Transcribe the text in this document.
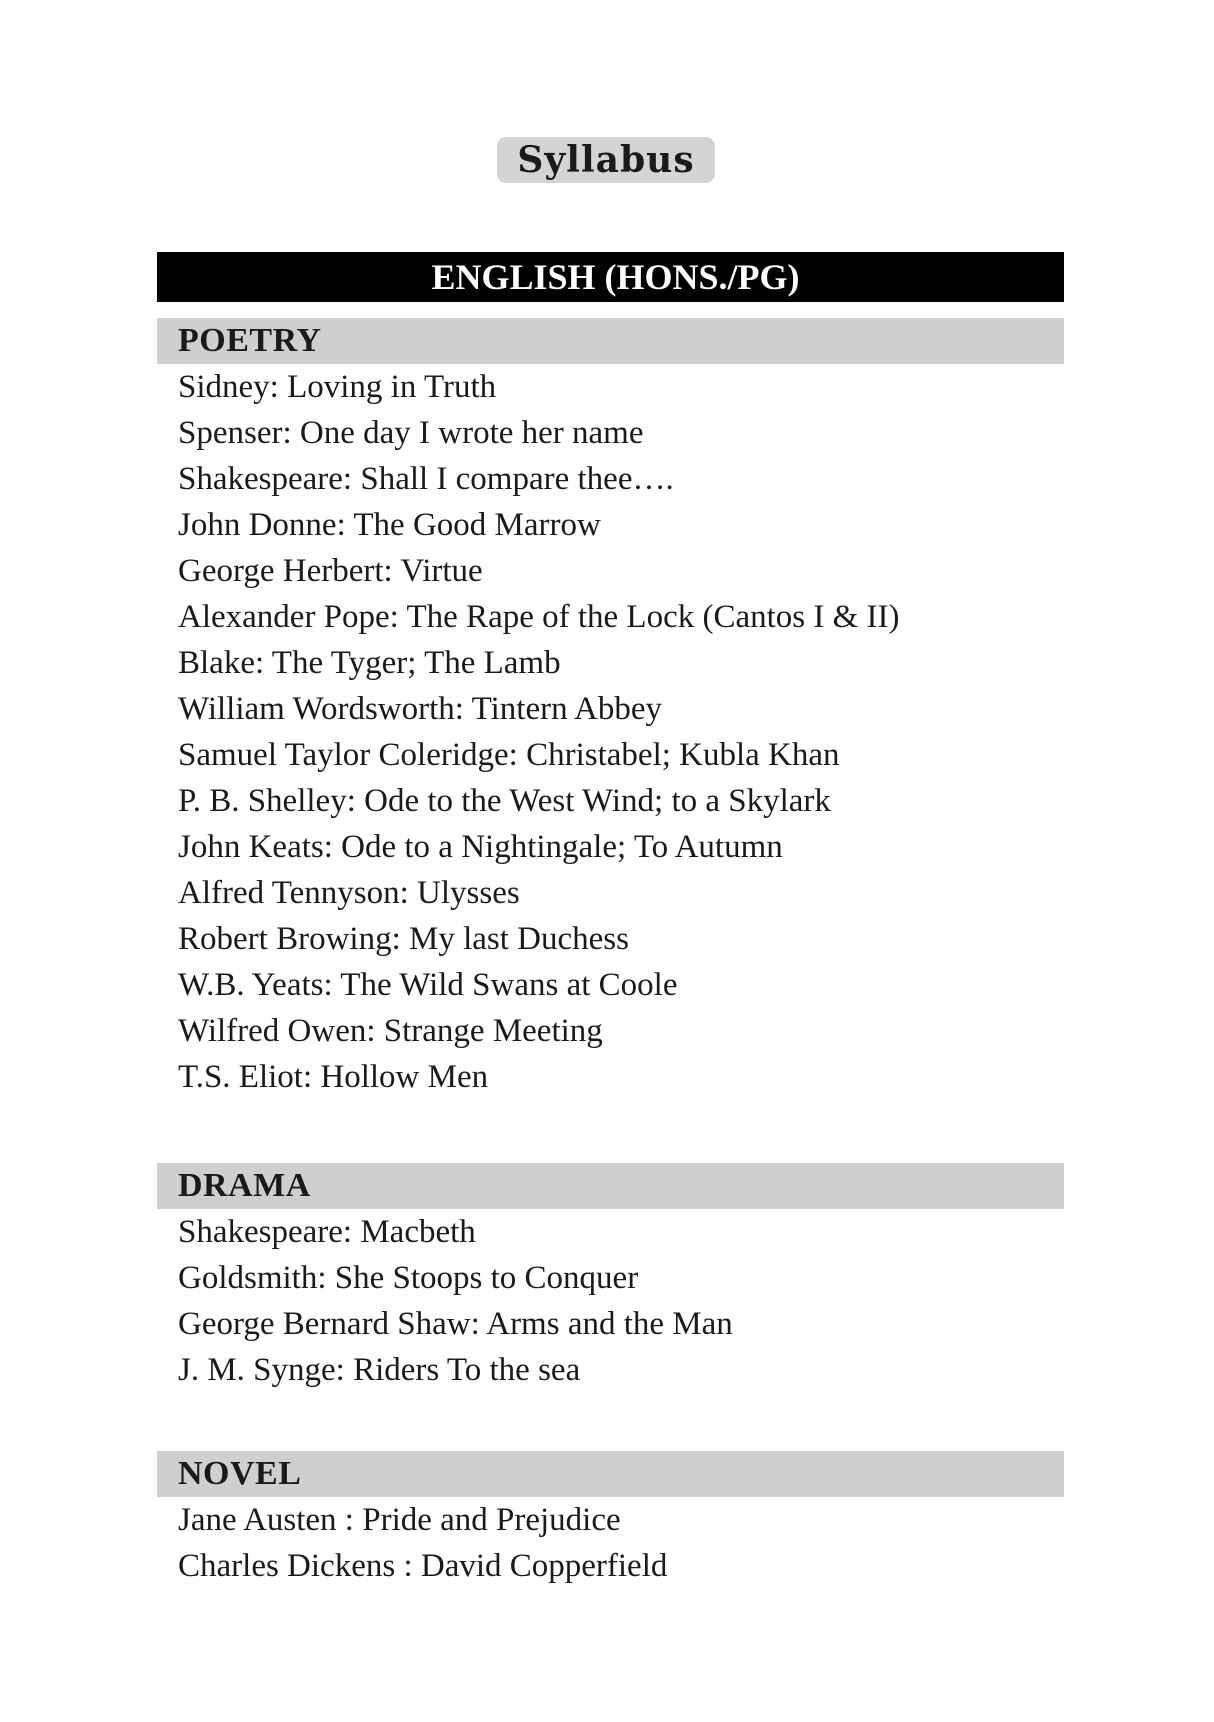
Syllabus
ENGLISH (HONS./PG)
POETRY
Sidney: Loving in Truth
Spenser: One day I wrote her name
Shakespeare: Shall I compare thee….
John Donne: The Good Marrow
George Herbert: Virtue
Alexander Pope: The Rape of the Lock (Cantos I & II)
Blake: The Tyger; The Lamb
William Wordsworth: Tintern Abbey
Samuel Taylor Coleridge: Christabel; Kubla Khan
P. B. Shelley: Ode to the West Wind; to a Skylark
John Keats: Ode to a Nightingale; To Autumn
Alfred Tennyson: Ulysses
Robert Browing: My last Duchess
W.B. Yeats: The Wild Swans at Coole
Wilfred Owen: Strange Meeting
T.S. Eliot: Hollow Men
DRAMA
Shakespeare: Macbeth
Goldsmith: She Stoops to Conquer
George Bernard Shaw: Arms and the Man
J. M. Synge: Riders To the sea
NOVEL
Jane Austen : Pride and Prejudice
Charles Dickens : David Copperfield
